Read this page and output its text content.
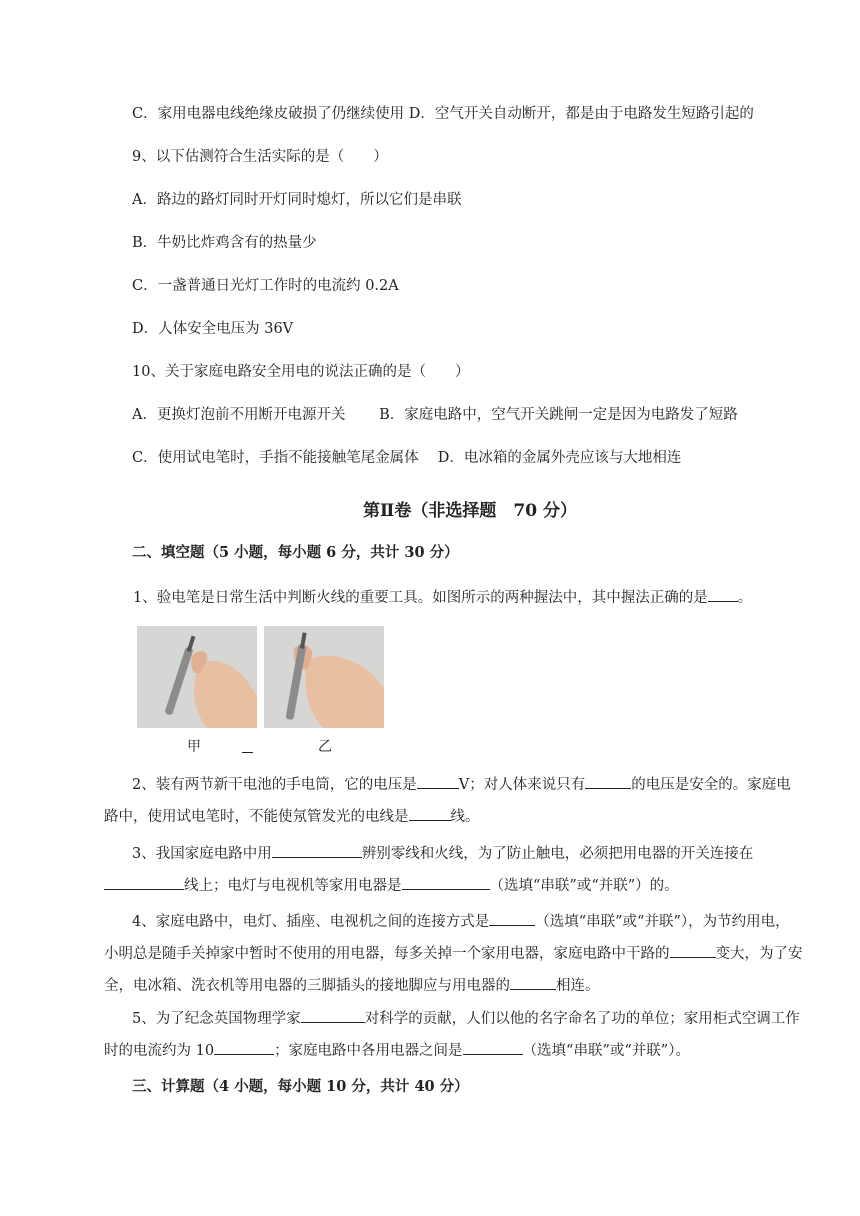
C．家用电器电线绝缘皮破损了仍继续使用 D．空气开关自动断开，都是由于电路发生短路引起的
9、以下估测符合生活实际的是（　　）
A．路边的路灯同时开灯同时熄灯，所以它们是串联
B．牛奶比炸鸡含有的热量少
C．一盏普通日光灯工作时的电流约 0.2A
D．人体安全电压为 36V
10、关于家庭电路安全用电的说法正确的是（　　）
A．更换灯泡前不用断开电源开关　　 B．家庭电路中，空气开关跳闸一定是因为电路发了短路
C．使用试电笔时，手指不能接触笔尾金属体　 D．电冰箱的金属外壳应该与大地相连
第Ⅱ卷（非选择题　70 分）
二、填空题（5 小题，每小题 6 分，共计 30 分）
1、验电笔是日常生活中判断火线的重要工具。如图所示的两种握法中，其中握法正确的是 。
甲	乙
2、装有两节新干电池的手电筒，它的电压是	V；对人体来说只有	的电压是安全的。家庭电路中，使用试电笔时，不能使氖管发光的电线是	线。
3、我国家庭电路中用	辨别零线和火线，为了防止触电，必须把用电器的开关连接在线上；电灯与电视机等家用电器是	（选填“串联”或“并联”）的。
4、家庭电路中，电灯、插座、电视机之间的连接方式是	（选填“串联”或“并联”），为节约用电，小明总是随手关掉家中暂时不使用的用电器，每多关掉一个家用电器，家庭电路中干路的	变大，为了安全，电冰箱、洗衣机等用电器的三脚插头的接地脚应与用电器的	相连。
5、为了纪念英国物理学家	对科学的贡献，人们以他的名字命名了功的单位；家用柜式空调工作时的电流约为 10	；家庭电路中各用电器之间是	（选填“串联”或“并联”）。
三、计算题（4 小题，每小题 10 分，共计 40 分）
